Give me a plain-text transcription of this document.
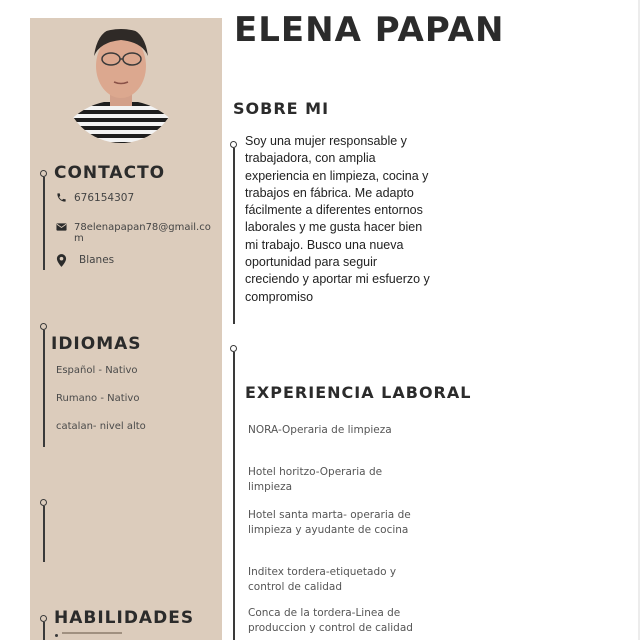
CONTACTO
676154307
78elenapapan78@gmail.com
Blanes
IDIOMAS
Español - Nativo
Rumano - Nativo
catalan- nivel alto
HABILIDADES
ELENA PAPAN
SOBRE MI
Soy una mujer responsable y trabajadora, con amplia experiencia en limpieza, cocina y trabajos en fábrica. Me adapto fácilmente a diferentes entornos laborales y me gusta hacer bien mi trabajo. Busco una nueva oportunidad para seguir creciendo y aportar mi esfuerzo y compromiso
EXPERIENCIA LABORAL
NORA-Operaria de limpieza
Hotel horitzo-Operaria de limpieza
Hotel santa marta- operaria de limpieza y ayudante de cocina
Inditex tordera-etiquetado y control de calidad
Conca de la tordera-Linea de produccion y control de calidad
